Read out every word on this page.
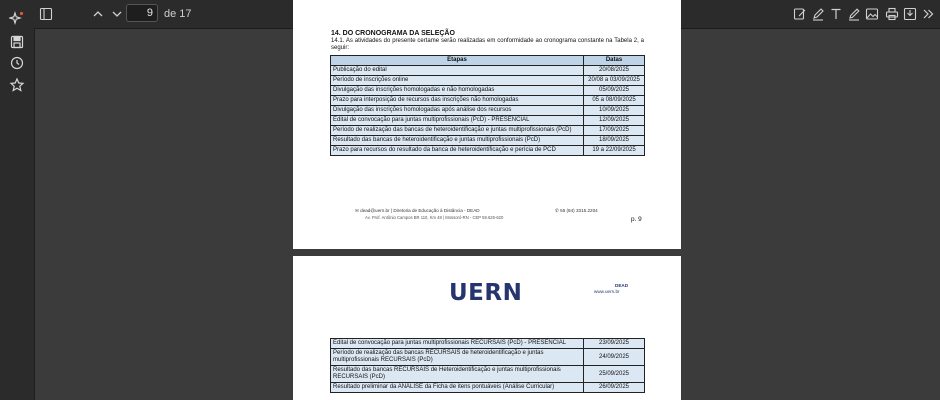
9	de 17
14. DO CRONOGRAMA DA SELEÇÃO
14.1. As atividades do presente certame serão realizadas em conformidade ao cronograma constante na Tabela 2, a seguir:
Etapas	Datas
Publicação do edital	20/08/2025
Período de inscrições online	20/08 a 03/09/2025
Divulgação das inscrições homologadas e não homologadas	05/09/2025
Prazo para interposição de recursos das inscrições não homologadas	05 a 08/09/2025
Divulgação das inscrições homologadas após análise dos recursos	10/09/2025
Edital de convocação para juntas multiprofissionais (PcD) - PRESENCIAL	12/09/2025
Período de realização das bancas de heteroidentificação e juntas multiprofissionais (PcD)	17/09/2025
Resultado das bancas de heteroidentificação e juntas multiprofissionais (PcD)	18/09/2025
Prazo para recursos do resultado da banca de heteroidentificação e perícia de PCD	19 a 22/09/2025
✉ dead@uern.br | Diretoria de Educação à Distância - DEAD
Av. Prof. Antônio Campos BR 110, Km 48 | Mossoró-RN - CEP 59.625-620
✆ 55 (84) 3315.2204
p. 9
UERN	DEAD
www.uern.br
Edital de convocação para juntas multiprofissionais RECURSAIS (PcD) - PRESENCIAL	23/09/2025
Período de realização das bancas RECURSAIS de heteroidentificação e juntas multiprofissionais RECURSAIS (PcD)	24/09/2025
Resultado das bancas RECURSAIS de Heteroidentificação e juntas multiprofissionais RECURSAIS (PcD)	25/09/2025
Resultado preliminar da ANÁLISE da Ficha de itens pontuáveis (Análise Curricular)	26/09/2025
